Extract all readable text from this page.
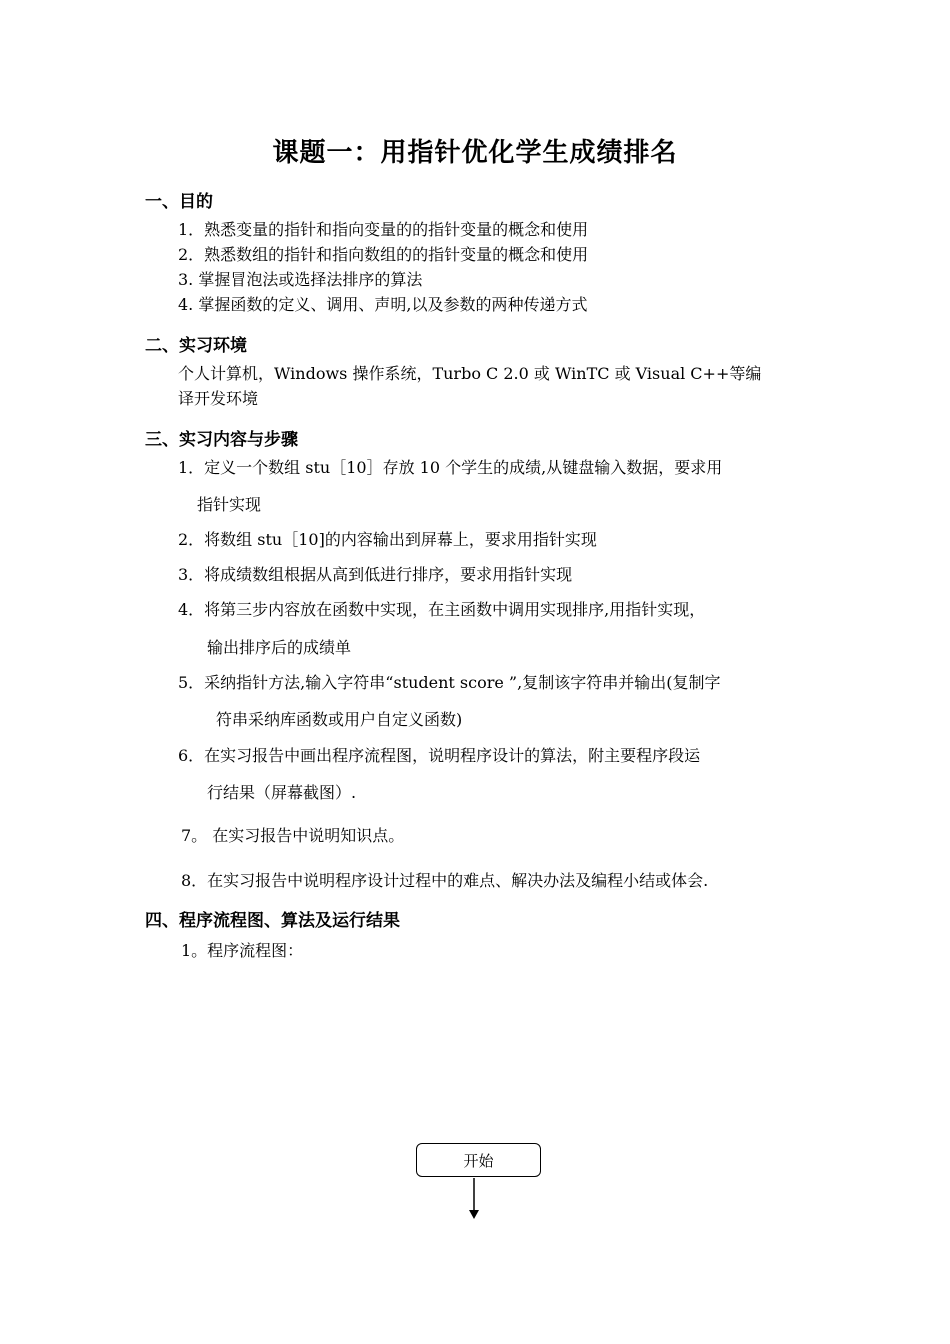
课题一：用指针优化学生成绩排名
一、目的
1．熟悉变量的指针和指向变量的的指针变量的概念和使用
2．熟悉数组的指针和指向数组的的指针变量的概念和使用
3. 掌握冒泡法或选择法排序的算法
4. 掌握函数的定义、调用、声明,以及参数的两种传递方式
二、实习环境
个人计算机，Windows 操作系统，Turbo C 2.0 或 WinTC 或 Visual C++等编
译开发环境
三、实习内容与步骤
1．定义一个数组 stu［10］存放 10 个学生的成绩,从键盘输入数据，要求用
指针实现
2．将数组 stu［10]的内容输出到屏幕上，要求用指针实现
3．将成绩数组根据从高到低进行排序，要求用指针实现
4．将第三步内容放在函数中实现，在主函数中调用实现排序,用指针实现，
输出排序后的成绩单
5．采纳指针方法,输入字符串“student score ”,复制该字符串并输出(复制字
符串采纳库函数或用户自定义函数)
6．在实习报告中画出程序流程图，说明程序设计的算法，附主要程序段运
行结果（屏幕截图）.
7。 在实习报告中说明知识点。
8．在实习报告中说明程序设计过程中的难点、解决办法及编程小结或体会.
四、程序流程图、算法及运行结果
1。程序流程图：
开始
